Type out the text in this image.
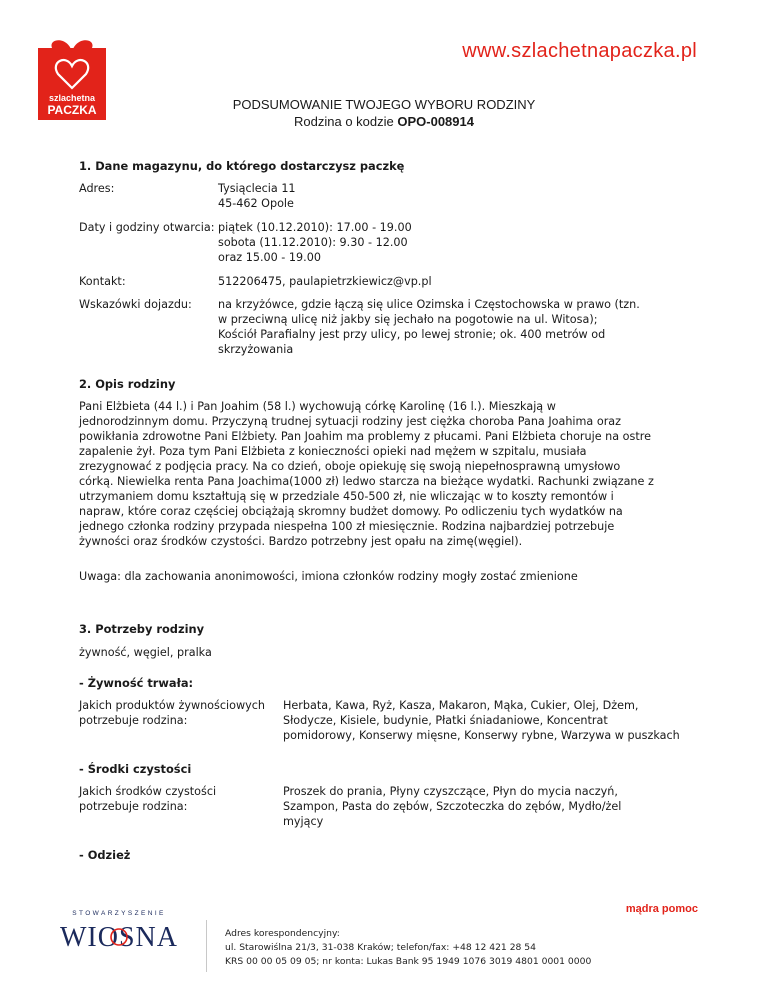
szlachetna
PACZKA
www.szlachetnapaczka.pl
PODSUMOWANIE TWOJEGO WYBORU RODZINY
Rodzina o kodzie OPO-008914
1. Dane magazynu, do którego dostarczysz paczkę
Adres:	Tysiąclecia 11
45-462 Opole
Daty i godziny otwarcia: piątek (10.12.2010): 17.00 - 19.00
sobota (11.12.2010): 9.30 - 12.00
oraz 15.00 - 19.00
Kontakt:	512206475, paulapietrzkiewicz@vp.pl
Wskazówki dojazdu:	na krzyżówce, gdzie łączą się ulice Ozimska i Częstochowska w prawo (tzn.
w przeciwną ulicę niż jakby się jechało na pogotowie na ul. Witosa);
Kościół Parafialny jest przy ulicy, po lewej stronie; ok. 400 metrów od
skrzyżowania
2. Opis rodziny
Pani Elżbieta (44 l.) i Pan Joahim (58 l.) wychowują córkę Karolinę (16 l.). Mieszkają w
jednorodzinnym domu. Przyczyną trudnej sytuacji rodziny jest ciężka choroba Pana Joahima oraz
powikłania zdrowotne Pani Elżbiety. Pan Joahim ma problemy z płucami. Pani Elżbieta choruje na ostre
zapalenie żył. Poza tym Pani Elżbieta z konieczności opieki nad mężem w szpitalu, musiała
zrezygnować z podjęcia pracy. Na co dzień, oboje opiekuję się swoją niepełnosprawną umysłowo
córką. Niewielka renta Pana Joachima(1000 zł) ledwo starcza na bieżące wydatki. Rachunki związane z
utrzymaniem domu kształtują się w przedziale 450-500 zł, nie wliczając w to koszty remontów i
napraw, które coraz częściej obciążają skromny budżet domowy. Po odliczeniu tych wydatków na
jednego członka rodziny przypada niespełna 100 zł miesięcznie. Rodzina najbardziej potrzebuje
żywności oraz środków czystości. Bardzo potrzebny jest opału na zimę(węgiel).
Uwaga: dla zachowania anonimowości, imiona członków rodziny mogły zostać zmienione
3. Potrzeby rodziny
żywność, węgiel, pralka
- Żywność trwała:
Jakich produktów żywnościowych
potrzebuje rodzina:
Herbata, Kawa, Ryż, Kasza, Makaron, Mąka, Cukier, Olej, Dżem,
Słodycze, Kisiele, budynie, Płatki śniadaniowe, Koncentrat
pomidorowy, Konserwy mięsne, Konserwy rybne, Warzywa w puszkach
- Środki czystości
Jakich środków czystości
potrzebuje rodzina:
Proszek do prania, Płyny czyszczące, Płyn do mycia naczyń,
Szampon, Pasta do zębów, Szczoteczka do zębów, Mydło/żel
myjący
- Odzież
STOWARZYSZENIE
WIOSNA
mądra pomoc
Adres korespondencyjny:
ul. Starowiślna 21/3, 31-038 Kraków; telefon/fax: +48 12 421 28 54
KRS 00 00 05 09 05; nr konta: Lukas Bank 95 1949 1076 3019 4801 0001 0000
